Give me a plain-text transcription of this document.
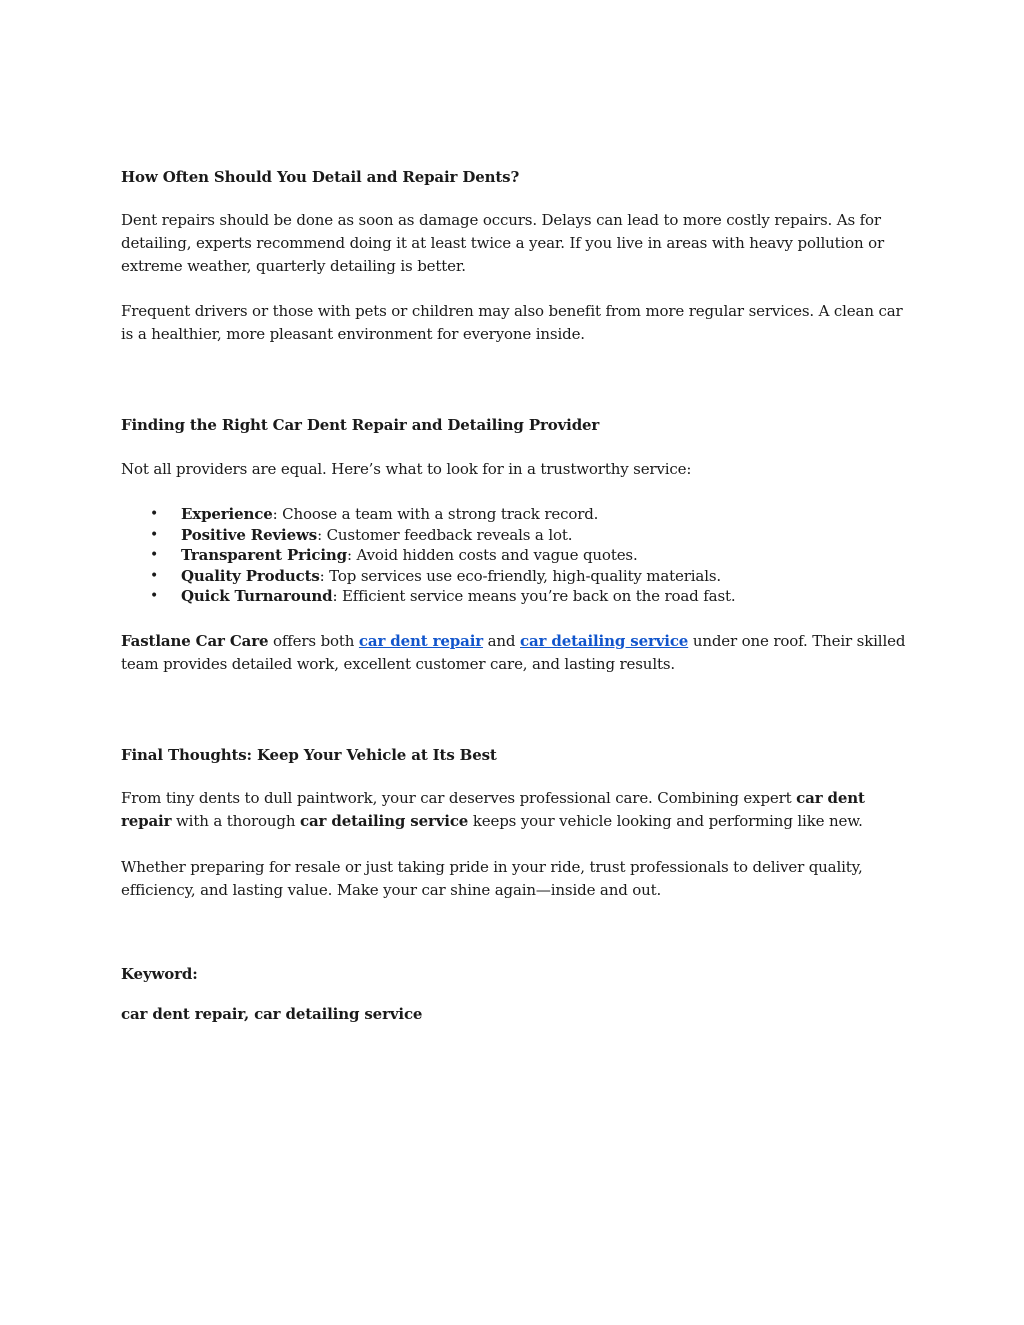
How Often Should You Detail and Repair Dents?
Dent repairs should be done as soon as damage occurs. Delays can lead to more costly repairs. As for detailing, experts recommend doing it at least twice a year. If you live in areas with heavy pollution or extreme weather, quarterly detailing is better.
Frequent drivers or those with pets or children may also benefit from more regular services. A clean car is a healthier, more pleasant environment for everyone inside.
Finding the Right Car Dent Repair and Detailing Provider
Not all providers are equal. Here’s what to look for in a trustworthy service:
• Experience: Choose a team with a strong track record.
• Positive Reviews: Customer feedback reveals a lot.
• Transparent Pricing: Avoid hidden costs and vague quotes.
• Quality Products: Top services use eco-friendly, high-quality materials.
• Quick Turnaround: Efficient service means you’re back on the road fast.
Fastlane Car Care offers both car dent repair and car detailing service under one roof. Their skilled team provides detailed work, excellent customer care, and lasting results.
Final Thoughts: Keep Your Vehicle at Its Best
From tiny dents to dull paintwork, your car deserves professional care. Combining expert car dent repair with a thorough car detailing service keeps your vehicle looking and performing like new.
Whether preparing for resale or just taking pride in your ride, trust professionals to deliver quality, efficiency, and lasting value. Make your car shine again—inside and out.
Keyword:
car dent repair, car detailing service
